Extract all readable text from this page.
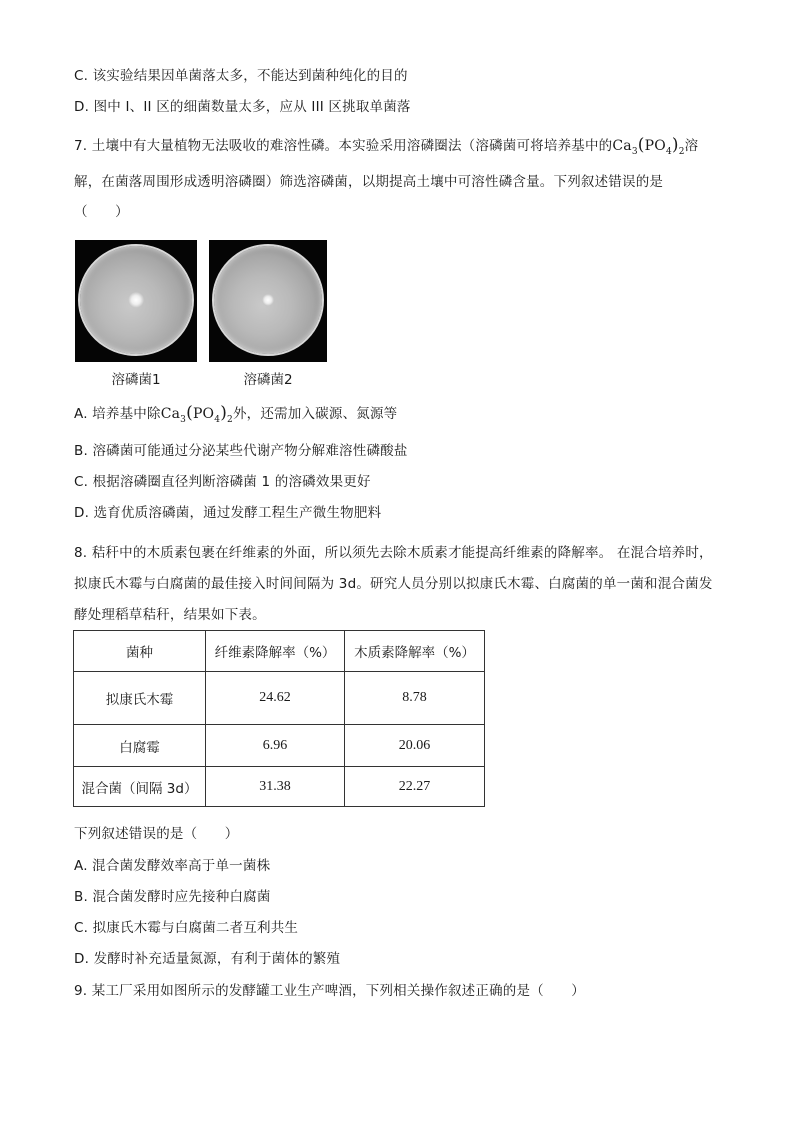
C. 该实验结果因单菌落太多，不能达到菌种纯化的目的
D. 图中 I、II 区的细菌数量太多，应从 III 区挑取单菌落
7. 土壤中有大量植物无法吸收的难溶性磷。本实验采用溶磷圈法（溶磷菌可将培养基中的$Ca_3(PO_4)_2$溶
解，在菌落周围形成透明溶磷圈）筛选溶磷菌，以期提高土壤中可溶性磷含量。下列叙述错误的是
（　　）
溶磷菌1	溶磷菌2
A. 培养基中除$Ca_3(PO_4)_2$外，还需加入碳源、氮源等
B. 溶磷菌可能通过分泌某些代谢产物分解难溶性磷酸盐
C. 根据溶磷圈直径判断溶磷菌 1 的溶磷效果更好
D. 选育优质溶磷菌，通过发酵工程生产微生物肥料
8. 秸秆中的木质素包裹在纤维素的外面，所以须先去除木质素才能提高纤维素的降解率。 在混合培养时，
拟康氏木霉与白腐菌的最佳接入时间间隔为 3d。研究人员分别以拟康氏木霉、白腐菌的单一菌和混合菌发
酵处理稻草秸秆，结果如下表。
菌种	纤维素降解率（%）	木质素降解率（%）
拟康氏木霉	24.62	8.78
白腐霉	6.96	20.06
混合菌（间隔 3d）	31.38	22.27
下列叙述错误的是（　　）
A. 混合菌发酵效率高于单一菌株
B. 混合菌发酵时应先接种白腐菌
C. 拟康氏木霉与白腐菌二者互利共生
D. 发酵时补充适量氮源，有利于菌体的繁殖
9. 某工厂采用如图所示的发酵罐工业生产啤酒，下列相关操作叙述正确的是（　　）
